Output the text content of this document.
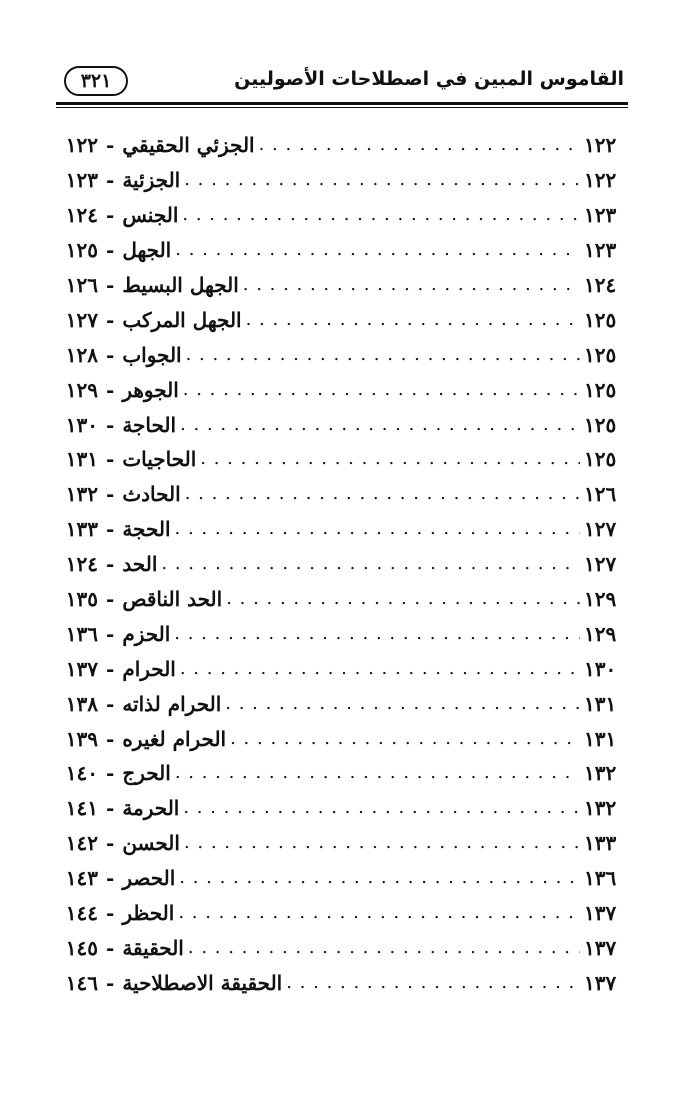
٣٢١	القاموس المبين في اصطلاحات الأصوليين
١٢٢ - الجزئي الحقيقي . . .	١٢٢
١٢٣ - الجزئية . . .	١٢٢
١٢٤ - الجنس . . .	١٢٣
١٢٥ - الجهل . . .	١٢٣
١٢٦ - الجهل البسيط . . .	١٢٤
١٢٧ - الجهل المركب . . .	١٢٥
١٢٨ - الجواب . . .	١٢٥
١٢٩ - الجوهر . . .	١٢٥
١٣٠ - الحاجة . . .	١٢٥
١٣١ - الحاجيات . . .	١٢٥
١٣٢ - الحادث . . .	١٢٦
١٣٣ - الحجة . . .	١٢٧
١٢٤ - الحد . . .	١٢٧
١٣٥ - الحد الناقص . . .	١٢٩
١٣٦ - الحزم . . .	١٢٩
١٣٧ - الحرام . . .	١٣٠
١٣٨ - الحرام لذاته . . .	١٣١
١٣٩ - الحرام لغيره . . .	١٣١
١٤٠ - الحرج . . .	١٣٢
١٤١ - الحرمة . . .	١٣٢
١٤٢ - الحسن . . .	١٣٣
١٤٣ - الحصر . . .	١٣٦
١٤٤ - الحظر . . .	١٣٧
١٤٥ - الحقيقة . . .	١٣٧
١٤٦ - الحقيقة الاصطلاحية . . .	١٣٧
